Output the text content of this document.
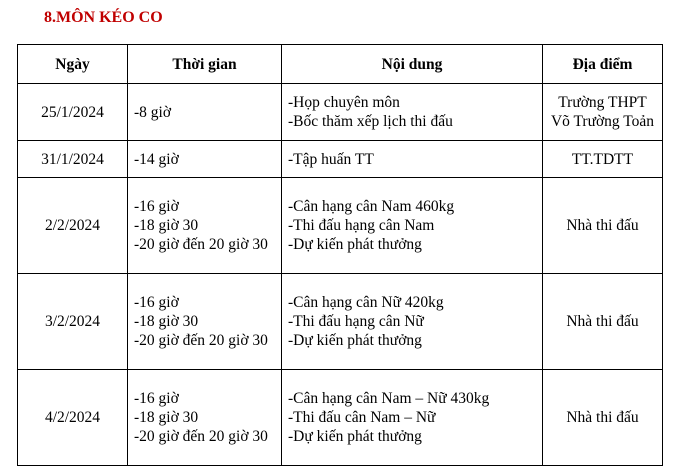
8.MÔN KÉO CO
Ngày	Thời gian	Nội dung	Địa điểm
25/1/2024	-8 giờ	-Họp chuyên môn
-Bốc thăm xếp lịch thi đấu	Trường THPT
Võ Trường Toản

31/1/2024	-14 giờ	-Tập huấn TT	TT.TDTT

2/2/2024	-16 giờ
-18 giờ 30
-20 giờ đến 20 giờ 30	-Cân hạng cân Nam 460kg
-Thi đấu hạng cân Nam
-Dự kiến phát thưởng	Nhà thi đấu

3/2/2024	-16 giờ
-18 giờ 30
-20 giờ đến 20 giờ 30	-Cân hạng cân Nữ 420kg
-Thi đấu hạng cân Nữ
-Dự kiến phát thưởng	Nhà thi đấu

4/2/2024	-16 giờ
-18 giờ 30
-20 giờ đến 20 giờ 30	-Cân hạng cân Nam – Nữ 430kg
-Thi đấu cân Nam – Nữ
-Dự kiến phát thưởng	Nhà thi đấu
